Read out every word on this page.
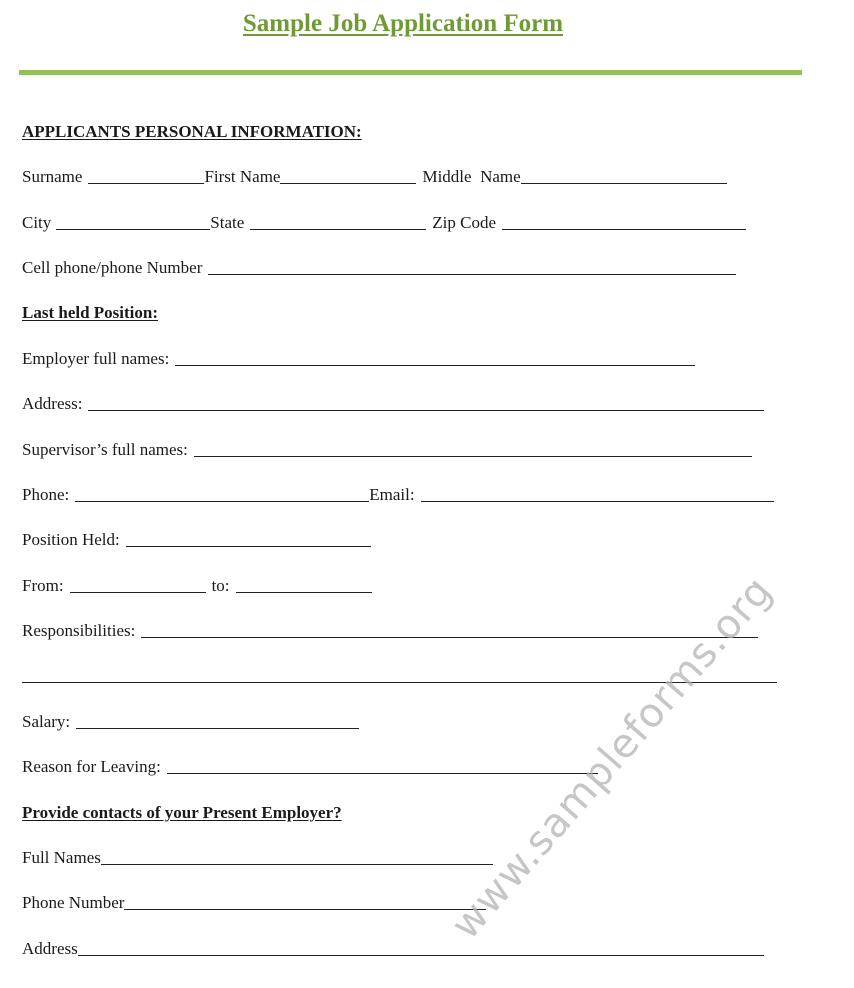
Sample Job Application Form
APPLICANTS PERSONAL INFORMATION:
Surname	First Name	Middle  Name
City	State	Zip Code
Cell phone/phone Number
Last held Position:
Employer full names:
Address:
Supervisor’s full names:
Phone:	Email:
Position Held:
From:	to:
Responsibilities:
Salary:
Reason for Leaving:
Provide contacts of your Present Employer?
Full Names
Phone Number
Address
www.sampleforms.org
